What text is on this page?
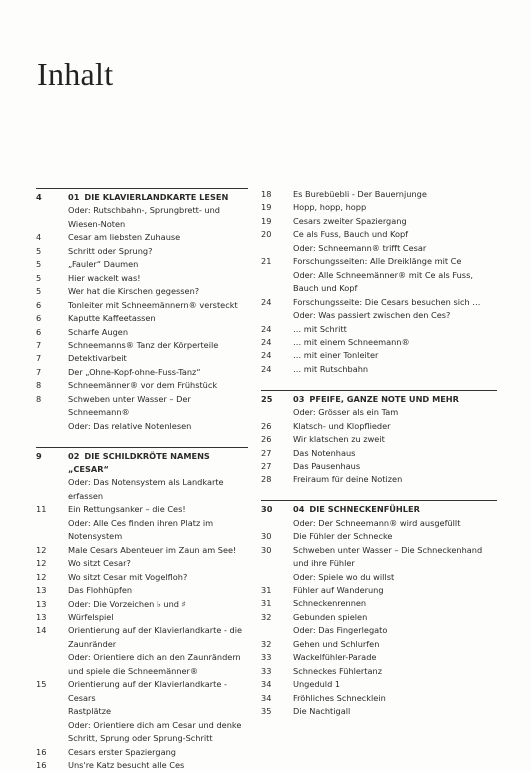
Inhalt
4	01 DIE KLAVIERLANDKARTE LESEN
Oder: Rutschbahn-, Sprungbrett- und
Wiesen-Noten
4	Cesar am liebsten Zuhause
5	Schritt oder Sprung?
5	„Fauler“ Daumen
5	Hier wackelt was!
5	Wer hat die Kirschen gegessen?
6	Tonleiter mit Schneemännern® versteckt
6	Kaputte Kaffeetassen
6	Scharfe Augen
7	Schneemanns® Tanz der Körperteile
7	Detektivarbeit
7	Der „Ohne-Kopf-ohne-Fuss-Tanz“
8	Schneemänner® vor dem Frühstück
8	Schweben unter Wasser – Der Schneemann®
Oder: Das relative Notenlesen
9	02 DIE SCHILDKRÖTE NAMENS „CESAR“
Oder: Das Notensystem als Landkarte erfassen
11	Ein Rettungsanker – die Ces!
Oder: Alle Ces finden ihren Platz im
Notensystem
12	Male Cesars Abenteuer im Zaun am See!
12	Wo sitzt Cesar?
12	Wo sitzt Cesar mit Vogelfloh?
13	Das Flohhüpfen
13	Oder: Die Vorzeichen ♭ und ♯
13	Würfelspiel
14	Orientierung auf der Klavierlandkarte - die
Zaunränder
Oder: Orientiere dich an den Zaunrändern
und spiele die Schneemänner®
15	Orientierung auf der Klavierlandkarte - Cesars
Rastplätze
Oder: Orientiere dich am Cesar und denke
Schritt, Sprung oder Sprung-Schritt
16	Cesars erster Spaziergang
16	Uns're Katz besucht alle Ces
18	Es Burebüebli - Der Bauernjunge
19	Hopp, hopp, hopp
19	Cesars zweiter Spaziergang
20	Ce als Fuss, Bauch und Kopf
Oder: Schneemann® trifft Cesar
21	Forschungsseiten: Alle Dreiklänge mit Ce
Oder: Alle Schneemänner® mit Ce als Fuss,
Bauch und Kopf
24	Forschungsseite: Die Cesars besuchen sich …
Oder: Was passiert zwischen den Ces?
24	… mit Schritt
24	… mit einem Schneemann®
24	… mit einer Tonleiter
24	… mit Rutschbahn
25	03 PFEIFE, GANZE NOTE UND MEHR
Oder: Grösser als ein Tam
26	Klatsch- und Klopflieder
26	Wir klatschen zu zweit
27	Das Notenhaus
27	Das Pausenhaus
28	Freiraum für deine Notizen
30	04 DIE SCHNECKENFÜHLER
Oder: Der Schneemann® wird ausgefüllt
30	Die Fühler der Schnecke
30	Schweben unter Wasser – Die Schneckenhand
und ihre Fühler
Oder: Spiele wo du willst
31	Fühler auf Wanderung
31	Schneckenrennen
32	Gebunden spielen
Oder: Das Fingerlegato
32	Gehen und Schlurfen
33	Wackelfühler-Parade
33	Schneckes Fühlertanz
34	Ungeduld 1
34	Fröhliches Schnecklein
35	Die Nachtigall
